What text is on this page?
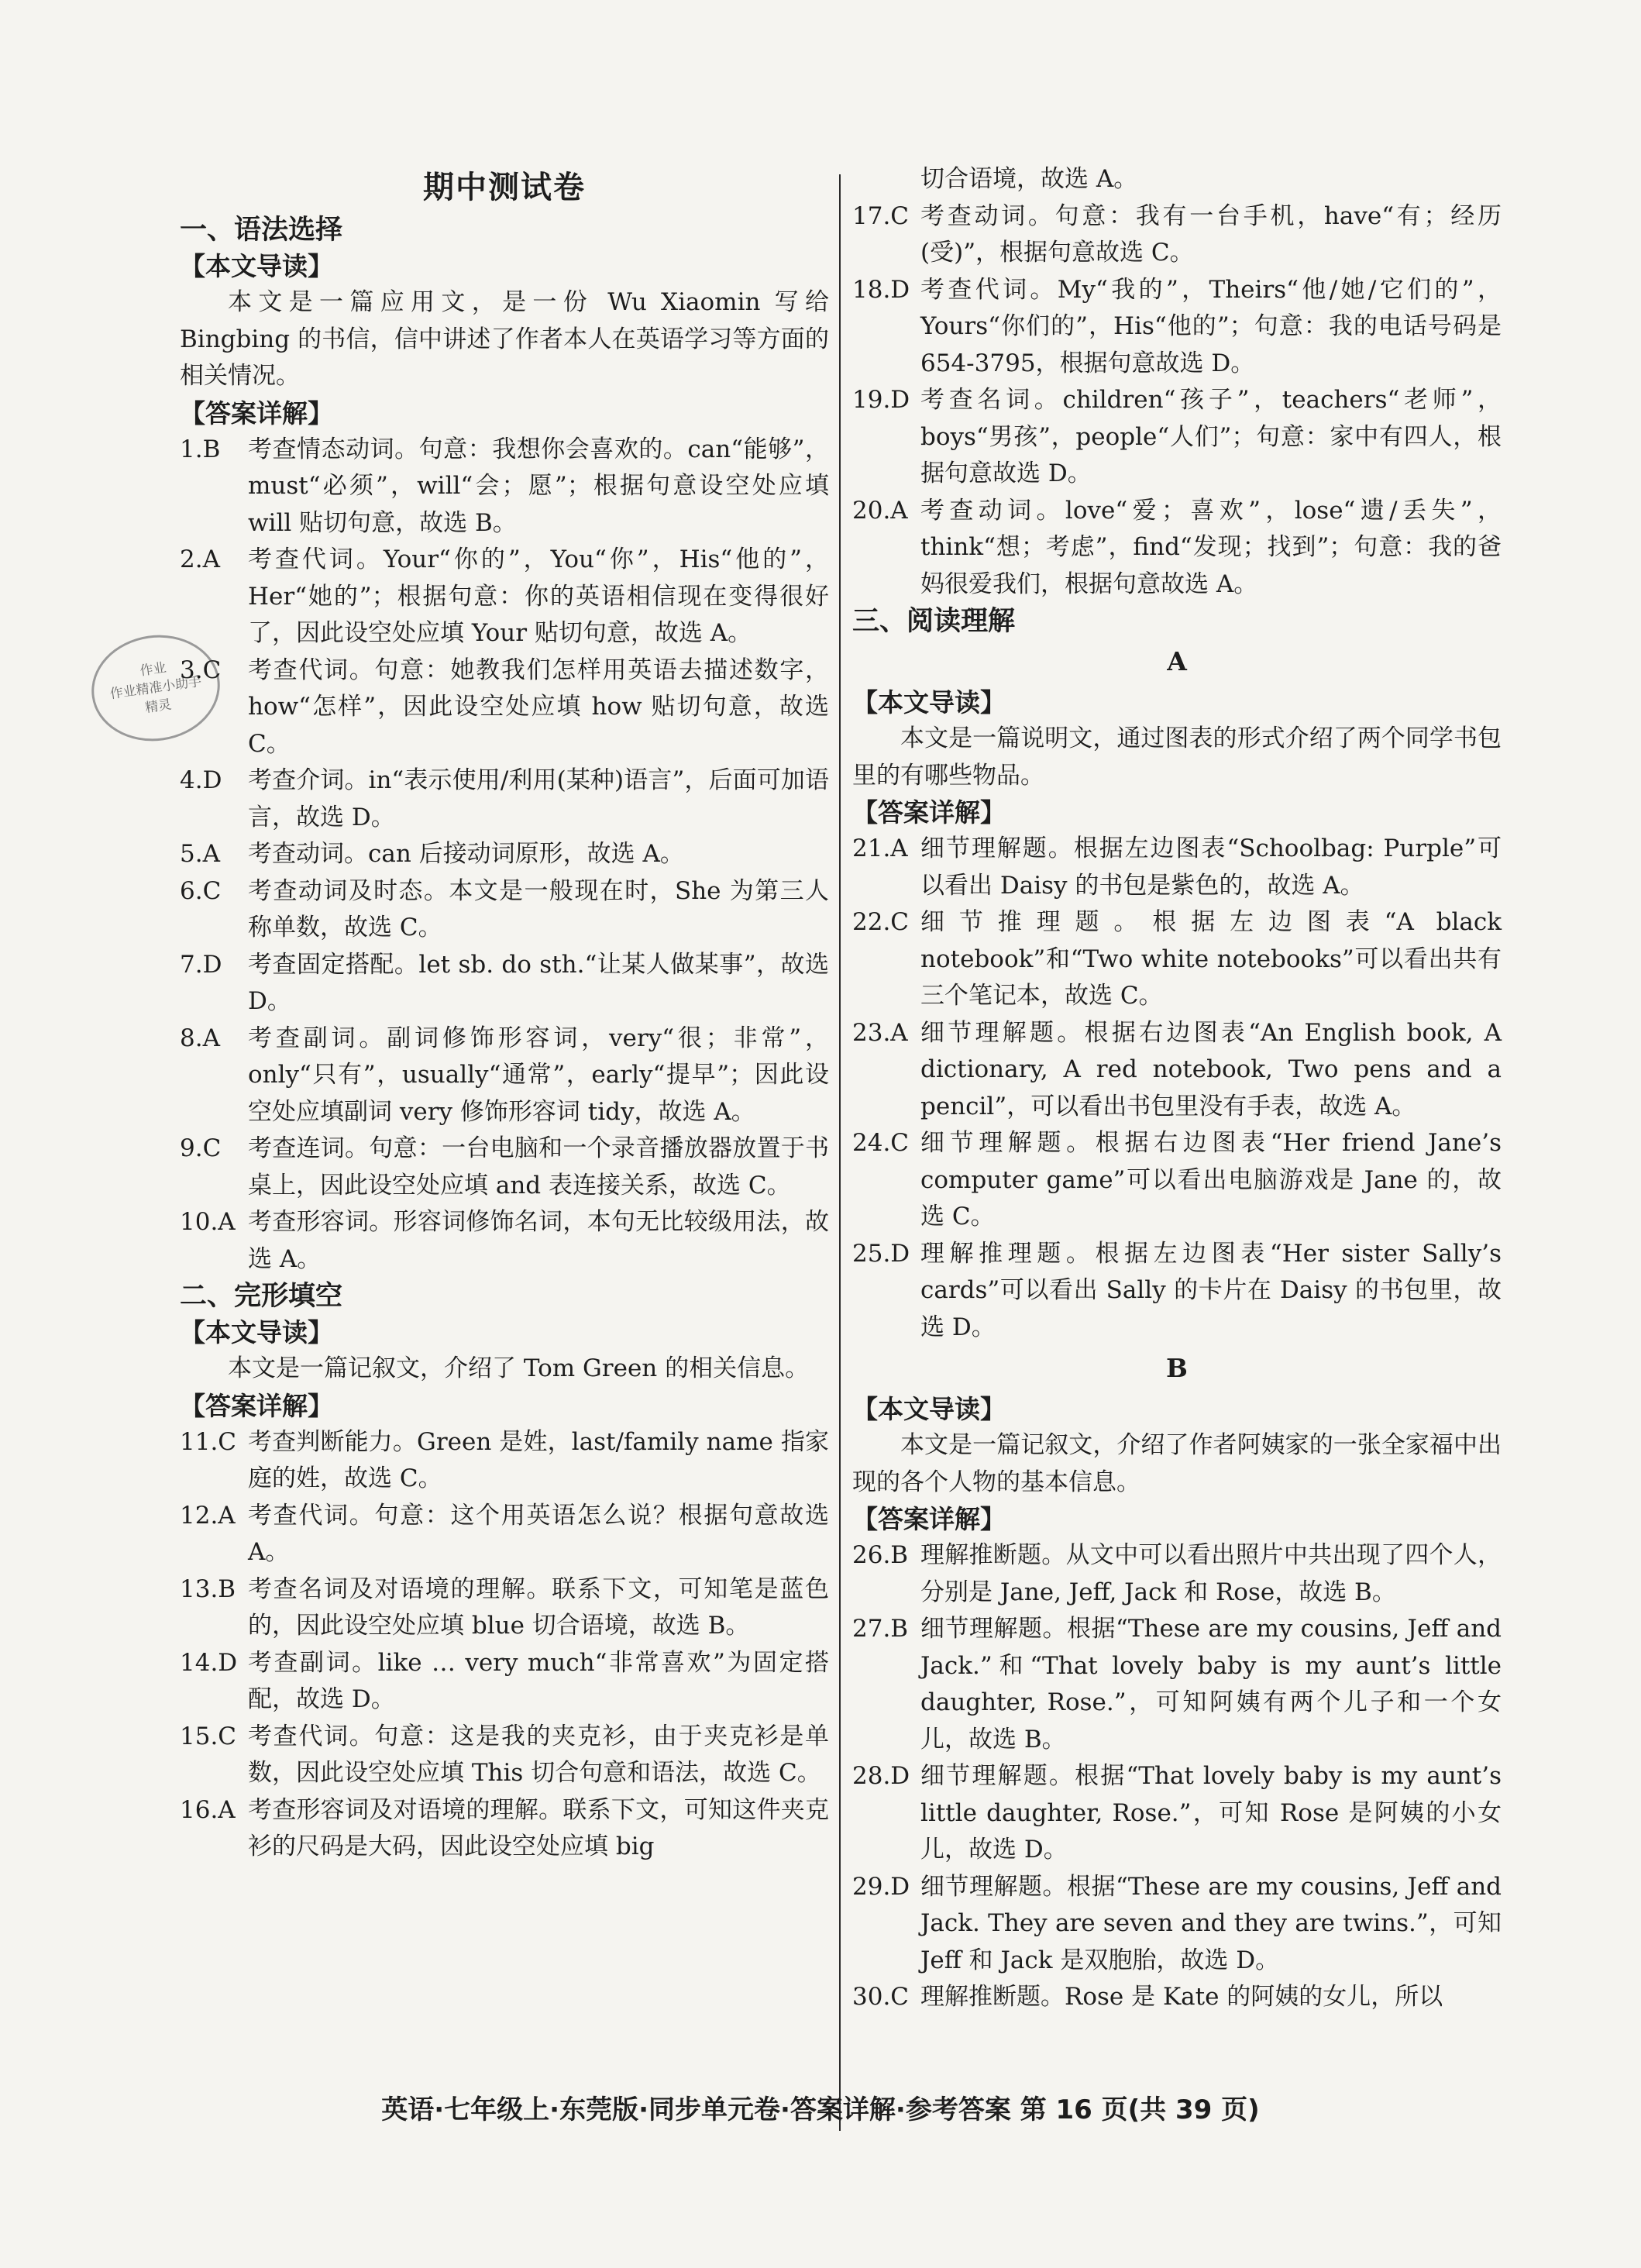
作业
作业精准小助手
精灵
期中测试卷

一、语法选择

【本文导读】

本文是一篇应用文，是一份 Wu Xiaomin 写给 Bingbing 的书信，信中讲述了作者本人在英语学习等方面的相关情况。

【答案详解】

1.B	考查情态动词。句意：我想你会喜欢的。can“能够”，must“必须”，will“会；愿”；根据句意设空处应填 will 贴切句意，故选 B。
2.A	考查代词。Your“你的”，You“你”，His“他的”，Her“她的”；根据句意：你的英语相信现在变得很好了，因此设空处应填 Your 贴切句意，故选 A。
3.C	考查代词。句意：她教我们怎样用英语去描述数字，how“怎样”，因此设空处应填 how 贴切句意，故选 C。
4.D	考查介词。in“表示使用/利用(某种)语言”，后面可加语言，故选 D。
5.A	考查动词。can 后接动词原形，故选 A。
6.C	考查动词及时态。本文是一般现在时，She 为第三人称单数，故选 C。
7.D	考查固定搭配。let sb. do sth.“让某人做某事”，故选 D。
8.A	考查副词。副词修饰形容词，very“很；非常”，only“只有”，usually“通常”，early“提早”；因此设空处应填副词 very 修饰形容词 tidy，故选 A。
9.C	考查连词。句意：一台电脑和一个录音播放器放置于书桌上，因此设空处应填 and 表连接关系，故选 C。
10.A 考查形容词。形容词修饰名词，本句无比较级用法，故选 A。

二、完形填空

【本文导读】

本文是一篇记叙文，介绍了 Tom Green 的相关信息。

【答案详解】

11.C 考查判断能力。Green 是姓，last/family name 指家庭的姓，故选 C。
12.A 考查代词。句意：这个用英语怎么说？根据句意故选 A。
13.B 考查名词及对语境的理解。联系下文，可知笔是蓝色的，因此设空处应填 blue 切合语境，故选 B。
14.D 考查副词。like … very much“非常喜欢”为固定搭配，故选 D。
15.C 考查代词。句意：这是我的夹克衫，由于夹克衫是单数，因此设空处应填 This 切合句意和语法，故选 C。
16.A 考查形容词及对语境的理解。联系下文，可知这件夹克衫的尺码是大码，因此设空处应填 big

切合语境，故选 A。

17.C 考查动词。句意：我有一台手机，have“有；经历(受)”，根据句意故选 C。
18.D 考查代词。My“我的”，Theirs“他/她/它们的”，Yours“你们的”，His“他的”；句意：我的电话号码是 654-3795，根据句意故选 D。
19.D 考查名词。children“孩子”，teachers“老师”，boys“男孩”，people“人们”；句意：家中有四人，根据句意故选 D。
20.A 考查动词。love“爱；喜欢”，lose“遗/丢失”，think“想；考虑”，find“发现；找到”；句意：我的爸妈很爱我们，根据句意故选 A。

三、阅读理解

A

【本文导读】

本文是一篇说明文，通过图表的形式介绍了两个同学书包里的有哪些物品。

【答案详解】

21.A 细节理解题。根据左边图表“Schoolbag: Purple”可以看出 Daisy 的书包是紫色的，故选 A。
22.C 细节推理题。根据左边图表“A black notebook”和“Two white notebooks”可以看出共有三个笔记本，故选 C。
23.A 细节理解题。根据右边图表“An English book, A dictionary, A red notebook, Two pens and a pencil”，可以看出书包里没有手表，故选 A。
24.C 细节理解题。根据右边图表“Her friend Jane’s computer game”可以看出电脑游戏是 Jane 的，故选 C。
25.D 理解推理题。根据左边图表“Her sister Sally’s cards”可以看出 Sally 的卡片在 Daisy 的书包里，故选 D。

B

【本文导读】

本文是一篇记叙文，介绍了作者阿姨家的一张全家福中出现的各个人物的基本信息。

【答案详解】

26.B 理解推断题。从文中可以看出照片中共出现了四个人，分别是 Jane, Jeff, Jack 和 Rose，故选 B。
27.B 细节理解题。根据“These are my cousins, Jeff and Jack.”和“That lovely baby is my aunt’s little daughter, Rose.”，可知阿姨有两个儿子和一个女儿，故选 B。
28.D 细节理解题。根据“That lovely baby is my aunt’s little daughter, Rose.”，可知 Rose 是阿姨的小女儿，故选 D。
29.D 细节理解题。根据“These are my cousins, Jeff and Jack. They are seven and they are twins.”，可知 Jeff 和 Jack 是双胞胎，故选 D。
30.C 理解推断题。Rose 是 Kate 的阿姨的女儿，所以
英语·七年级上·东莞版·同步单元卷·答案详解·参考答案 第 16 页(共 39 页)
